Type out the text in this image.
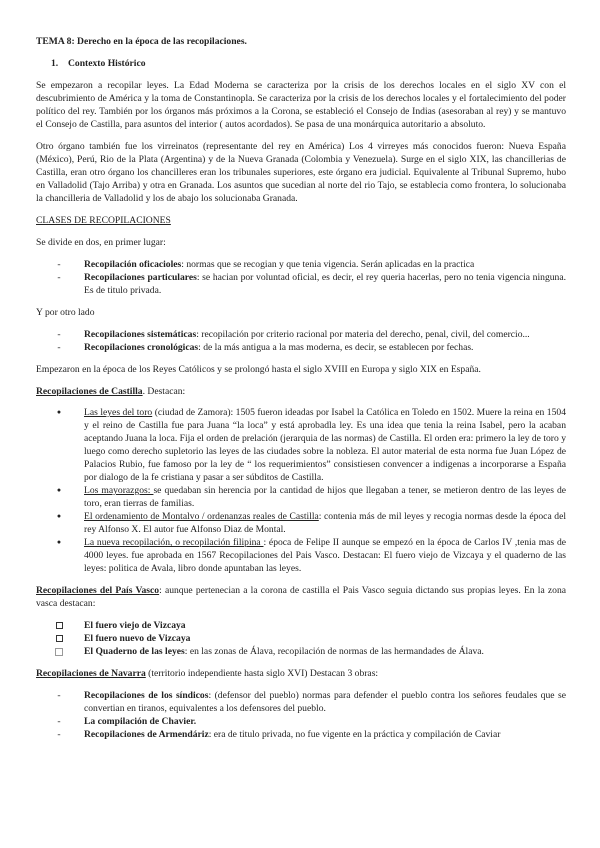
TEMA 8: Derecho en la época de las recopilaciones.

1. Contexto Histórico

Se empezaron a recopilar leyes. La Edad Moderna se caracteriza por la crisis de los derechos locales en el siglo XV con el descubrimiento de América y la toma de Constantinopla. Se caracteriza por la crisis de los derechos locales y el fortalecimiento del poder político del rey. También por los órganos más próximos a la Corona, se estableció el Consejo de Indias (asesoraban al rey) y se mantuvo el Consejo de Castilla, para asuntos del interior ( autos acordados). Se pasa de una monárquica autoritario a absoluto.

Otro órgano también fue los virreinatos (representante del rey en América) Los 4 virreyes más conocidos fueron: Nueva España (México), Perú, Rio de la Plata (Argentina) y de la Nueva Granada (Colombia y Venezuela). Surge en el siglo XIX, las chancillerias de Castilla, eran otro órgano los chancilleres eran los tribunales superiores, este órgano era judicial. Equivalente al Tribunal Supremo, hubo en Valladolid (Tajo Arriba) y otra en Granada. Los asuntos que sucedian al norte del rio Tajo, se establecia como frontera, lo solucionaba la chancilleria de Valladolid y los de abajo los solucionaba Granada.

CLASES DE RECOPILACIONES

Se divide en dos, en primer lugar:

-	Recopilación oficacioles: normas que se recogian y que tenia vigencia. Serán aplicadas en la practica
-	Recopilaciones particulares: se hacian por voluntad oficial, es decir, el rey queria hacerlas, pero no tenia vigencia ninguna. Es de titulo privada.

Y por otro lado

-	Recopilaciones sistemáticas: recopilación por criterio racional por materia del derecho, penal, civil, del comercio...
-	Recopilaciones cronológicas: de la más antigua a la mas moderna, es decir, se establecen por fechas.

Empezaron en la época de los Reyes Católicos y se prolongó hasta el siglo XVIII en Europa y siglo XIX en España.

Recopilaciones de Castilla. Destacan:

●	Las leyes del toro (ciudad de Zamora): 1505 fueron ideadas por Isabel la Católica en Toledo en 1502. Muere la reina en 1504 y el reino de Castilla fue para Juana “la loca” y está aprobadla ley. Es una idea que tenia la reina Isabel, pero la acaban aceptando Juana la loca. Fija el orden de prelación (jerarquia de las normas) de Castilla. El orden era: primero la ley de toro y luego como derecho supletorio las leyes de las ciudades sobre la nobleza. El autor material de esta norma fue Juan López de Palacios Rubio, fue famoso por la ley de “ los requerimientos” consistiesen convencer a indigenas a incorporarse a España por dialogo de la fe cristiana y pasar a ser súbditos de Castilla.
●	Los mayorazgos: se quedaban sin herencia por la cantidad de hijos que llegaban a tener, se metieron dentro de las leyes de toro, eran tierras de familias.
●	El ordenamiento de Montalvo / ordenanzas reales de Castilla: contenia más de mil leyes y recogia normas desde la época del rey Alfonso X. El autor fue Alfonso Diaz de Montal.
●	La nueva recopilación, o recopilación filipina : época de Felipe II aunque se empezó en la época de Carlos IV ,tenia mas de 4000 leyes. fue aprobada en 1567 Recopilaciones del Pais Vasco. Destacan: El fuero viejo de Vizcaya y el quaderno de las leyes: politica de Avala, libro donde apuntaban las leyes.

Recopilaciones del País Vasco: aunque pertenecian a la corona de castilla el Pais Vasco seguia dictando sus propias leyes. En la zona vasca destacan:

El fuero viejo de Vizcaya
El fuero nuevo de Vizcaya
El Quaderno de las leyes: en las zonas de Álava, recopilación de normas de las hermandades de Álava.

Recopilaciones de Navarra (territorio independiente hasta siglo XVI) Destacan 3 obras:

-	Recopilaciones de los síndicos: (defensor del pueblo) normas para defender el pueblo contra los señores feudales que se convertian en tiranos, equivalentes a los defensores del pueblo.
-	La compilación de Chavier.
-	Recopilaciones de Armendáriz: era de titulo privada, no fue vigente en la práctica y compilación de Caviar
